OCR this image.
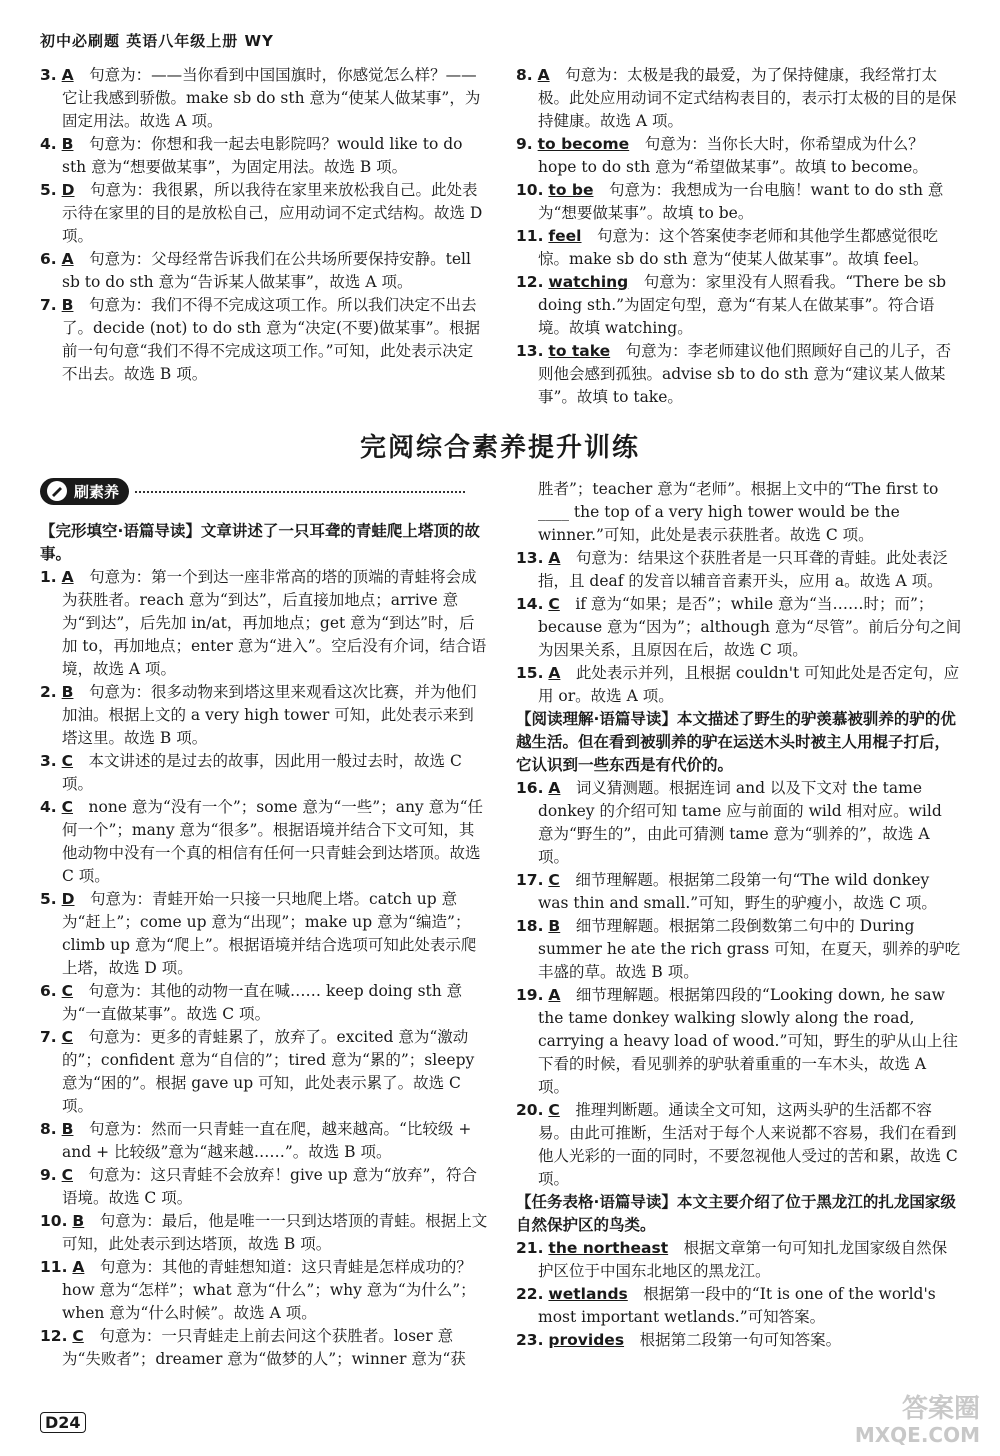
初中必刷题 英语八年级上册 WY

3. A　 句意为：——当你看到中国国旗时，你感觉怎么样？——它让我感到骄傲。make sb do sth 意为“使某人做某事”，为固定用法。故选 A 项。

4. B　 句意为：你想和我一起去电影院吗？would like to do sth 意为“想要做某事”，为固定用法。故选 B 项。

5. D　 句意为：我很累，所以我待在家里来放松我自己。此处表示待在家里的目的是放松自己，应用动词不定式结构。故选 D 项。

6. A　 句意为：父母经常告诉我们在公共场所要保持安静。tell sb to do sth 意为“告诉某人做某事”，故选 A 项。

7. B　 句意为：我们不得不完成这项工作。所以我们决定不出去了。decide (not) to do sth 意为“决定(不要)做某事”。根据前一句句意“我们不得不完成这项工作。”可知，此处表示决定不出去。故选 B 项。

8. A　 句意为：太极是我的最爱，为了保持健康，我经常打太极。此处应用动词不定式结构表目的，表示打太极的目的是保持健康。故选 A 项。

9. to become　 句意为：当你长大时，你希望成为什么？hope to do sth 意为“希望做某事”。故填 to become。

10. to be　 句意为：我想成为一台电脑！want to do sth 意为“想要做某事”。故填 to be。

11. feel　 句意为：这个答案使李老师和其他学生都感觉很吃惊。make sb do sth 意为“使某人做某事”。故填 feel。

12. watching　 句意为：家里没有人照看我。“There be sb doing sth.”为固定句型，意为“有某人在做某事”。符合语境。故填 watching。

13. to take　 句意为：李老师建议他们照顾好自己的儿子，否则他会感到孤独。advise sb to do sth 意为“建议某人做某事”。故填 to take。

完阅综合素养提升训练
刷素养

【完形填空·语篇导读】文章讲述了一只耳聋的青蛙爬上塔顶的故事。

1. A　 句意为：第一个到达一座非常高的塔的顶端的青蛙将会成为获胜者。reach 意为“到达”，后直接加地点；arrive 意为“到达”，后先加 in/at，再加地点；get 意为“到达”时，后加 to，再加地点；enter 意为“进入”。空后没有介词，结合语境，故选 A 项。

2. B　 句意为：很多动物来到塔这里来观看这次比赛，并为他们加油。根据上文的 a very high tower 可知，此处表示来到塔这里。故选 B 项。

3. C　 本文讲述的是过去的故事，因此用一般过去时，故选 C 项。

4. C　 none 意为“没有一个”；some 意为“一些”；any 意为“任何一个”；many 意为“很多”。根据语境并结合下文可知，其他动物中没有一个真的相信有任何一只青蛙会到达塔顶。故选 C 项。

5. D　 句意为：青蛙开始一只接一只地爬上塔。catch up 意为“赶上”；come up 意为“出现”；make up 意为“编造”；climb up 意为“爬上”。根据语境并结合选项可知此处表示爬上塔，故选 D 项。

6. C　 句意为：其他的动物一直在喊…… keep doing sth 意为“一直做某事”。故选 C 项。

7. C　 句意为：更多的青蛙累了，放弃了。excited 意为“激动的”；confident 意为“自信的”；tired 意为“累的”；sleepy 意为“困的”。根据 gave up 可知，此处表示累了。故选 C 项。

8. B　 句意为：然而一只青蛙一直在爬，越来越高。“比较级 + and + 比较级”意为“越来越……”。故选 B 项。

9. C　 句意为：这只青蛙不会放弃！give up 意为“放弃”，符合语境。故选 C 项。

10. B　 句意为：最后，他是唯一一只到达塔顶的青蛙。根据上文可知，此处表示到达塔顶，故选 B 项。

11. A　 句意为：其他的青蛙想知道：这只青蛙是怎样成功的？how 意为“怎样”；what 意为“什么”；why 意为“为什么”；when 意为“什么时候”。故选 A 项。

12. C　 句意为：一只青蛙走上前去问这个获胜者。loser 意为“失败者”；dreamer 意为“做梦的人”；winner 意为“获

胜者”；teacher 意为“老师”。根据上文中的“The first to ____ the top of a very high tower would be the winner.”可知，此处是表示获胜者。故选 C 项。

13. A　 句意为：结果这个获胜者是一只耳聋的青蛙。此处表泛指，且 deaf 的发音以辅音音素开头，应用 a。故选 A 项。

14. C　 if 意为“如果；是否”；while 意为“当……时；而”；because 意为“因为”；although 意为“尽管”。前后分句之间为因果关系，且原因在后，故选 C 项。

15. A　 此处表示并列，且根据 couldn't 可知此处是否定句，应用 or。故选 A 项。

【阅读理解·语篇导读】本文描述了野生的驴羡慕被驯养的驴的优越生活。但在看到被驯养的驴在运送木头时被主人用棍子打后，它认识到一些东西是有代价的。

16. A　 词义猜测题。根据连词 and 以及下文对 the tame donkey 的介绍可知 tame 应与前面的 wild 相对应。wild 意为“野生的”，由此可猜测 tame 意为“驯养的”，故选 A 项。

17. C　 细节理解题。根据第二段第一句“The wild donkey was thin and small.”可知，野生的驴瘦小，故选 C 项。

18. B　 细节理解题。根据第二段倒数第二句中的 During summer he ate the rich grass 可知，在夏天，驯养的驴吃丰盛的草。故选 B 项。

19. A　 细节理解题。根据第四段的“Looking down, he saw the tame donkey walking slowly along the road, carrying a heavy load of wood.”可知，野生的驴从山上往下看的时候，看见驯养的驴驮着重重的一车木头，故选 A 项。

20. C　 推理判断题。通读全文可知，这两头驴的生活都不容易。由此可推断，生活对于每个人来说都不容易，我们在看到他人光彩的一面的同时，不要忽视他人受过的苦和累，故选 C 项。

【任务表格·语篇导读】本文主要介绍了位于黑龙江的扎龙国家级自然保护区的鸟类。

21. the northeast　 根据文章第一句可知扎龙国家级自然保护区位于中国东北地区的黑龙江。

22. wetlands　 根据第一段中的“It is one of the world's most important wetlands.”可知答案。

23. provides　 根据第二段第一句可知答案。

D24	答案圈
MXQE.COM
